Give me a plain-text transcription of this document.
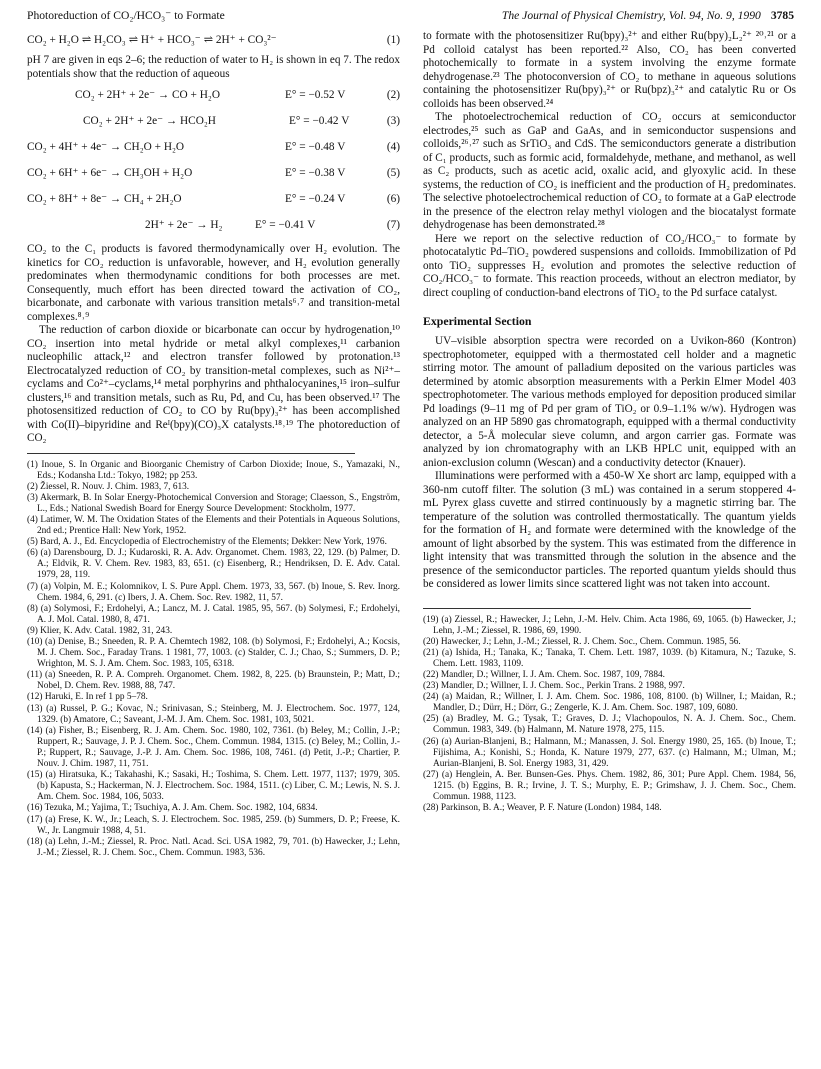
Photoreduction of CO₂/HCO₃⁻ to Formate	The Journal of Physical Chemistry, Vol. 94, No. 9, 1990 3785
CO₂ + H₂O ⇌ H₂CO₃ ⇌ H⁺ + HCO₃⁻ ⇌ 2H⁺ + CO₃²⁻	(1)

pH 7 are given in eqs 2–6; the reduction of water to H₂ is shown in eq 7. The redox potentials show that the reduction of aqueous

CO₂ + 2H⁺ + 2e⁻ → CO + H₂O	E° = −0.52 V	(2)
CO₂ + 2H⁺ + 2e⁻ → HCO₂H	E° = −0.42 V	(3)
CO₂ + 4H⁺ + 4e⁻ → CH₂O + H₂O	E° = −0.48 V	(4)
CO₂ + 6H⁺ + 6e⁻ → CH₃OH + H₂O	E° = −0.38 V	(5)
CO₂ + 8H⁺ + 8e⁻ → CH₄ + 2H₂O	E° = −0.24 V	(6)
2H⁺ + 2e⁻ → H₂	E° = −0.41 V	(7)

CO₂ to the C₁ products is favored thermodynamically over H₂ evolution. The kinetics for CO₂ reduction is unfavorable, however, and H₂ evolution generally predominates when thermodynamic conditions for both processes are met. Consequently, much effort has been directed toward the activation of CO₂, bicarbonate, and carbonate with various transition metals⁶˒⁷ and transition-metal complexes.⁸˒⁹

The reduction of carbon dioxide or bicarbonate can occur by hydrogenation,¹⁰ CO₂ insertion into metal hydride or metal alkyl complexes,¹¹ carbanion nucleophilic attack,¹² and electron transfer followed by protonation.¹³ Electrocatalyzed reduction of CO₂ by transition-metal complexes, such as Ni²⁺–cyclams and Co²⁺–cyclams,¹⁴ metal porphyrins and phthalocyanines,¹⁵ iron–sulfur clusters,¹⁶ and transition metals, such as Ru, Pd, and Cu, has been observed.¹⁷ The photosensitized reduction of CO₂ to CO by Ru(bpy)₃²⁺ has been accomplished with Co(II)–bipyridine and Reᴵ(bpy)(CO)₃X catalysts.¹⁸˒¹⁹ The photoreduction of CO₂

(1) Inoue, S. In Organic and Bioorganic Chemistry of Carbon Dioxide; Inoue, S., Yamazaki, N., Eds.; Kodansha Ltd.: Tokyo, 1982; pp 253.

(2) Žiessel, R. Nouv. J. Chim. 1983, 7, 613.

(3) Akermark, B. In Solar Energy-Photochemical Conversion and Storage; Claesson, S., Engström, L., Eds.; National Swedish Board for Energy Source Development: Stockholm, 1977.

(4) Latimer, W. M. The Oxidation States of the Elements and their Potentials in Aqueous Solutions, 2nd ed.; Prentice Hall: New York, 1952.

(5) Bard, A. J., Ed. Encyclopedia of Electrochemistry of the Elements; Dekker: New York, 1976.

(6) (a) Darensbourg, D. J.; Kudaroski, R. A. Adv. Organomet. Chem. 1983, 22, 129. (b) Palmer, D. A.; Eldvik, R. V. Chem. Rev. 1983, 83, 651. (c) Eisenberg, R.; Hendriksen, D. E. Adv. Catal. 1979, 28, 119.

(7) (a) Volpin, M. E.; Kolomnikov, I. S. Pure Appl. Chem. 1973, 33, 567. (b) Inoue, S. Rev. Inorg. Chem. 1984, 6, 291. (c) Ibers, J. A. Chem. Soc. Rev. 1982, 11, 57.

(8) (a) Solymosi, F.; Erdohelyi, A.; Lancz, M. J. Catal. 1985, 95, 567. (b) Solymesi, F.; Erdohelyi, A. J. Mol. Catal. 1980, 8, 471.

(9) Klier, K. Adv. Catal. 1982, 31, 243.

(10) (a) Denise, B.; Sneeden, R. P. A. Chemtech 1982, 108. (b) Solymosi, F.; Erdohelyi, A.; Kocsis, M. J. Chem. Soc., Faraday Trans. 1 1981, 77, 1003. (c) Stalder, C. J.; Chao, S.; Summers, D. P.; Wrighton, M. S. J. Am. Chem. Soc. 1983, 105, 6318.

(11) (a) Sneeden, R. P. A. Compreh. Organomet. Chem. 1982, 8, 225. (b) Braunstein, P.; Matt, D.; Nobel, D. Chem. Rev. 1988, 88, 747.

(12) Haruki, E. In ref 1 pp 5–78.

(13) (a) Russel, P. G.; Kovac, N.; Srinivasan, S.; Steinberg, M. J. Electrochem. Soc. 1977, 124, 1329. (b) Amatore, C.; Saveant, J.-M. J. Am. Chem. Soc. 1981, 103, 5021.

(14) (a) Fisher, B.; Eisenberg, R. J. Am. Chem. Soc. 1980, 102, 7361. (b) Beley, M.; Collin, J.-P.; Ruppert, R.; Sauvage, J. P. J. Chem. Soc., Chem. Commun. 1984, 1315. (c) Beley, M.; Collin, J.-P.; Ruppert, R.; Sauvage, J.-P. J. Am. Chem. Soc. 1986, 108, 7461. (d) Petit, J.-P.; Chartier, P. Nouv. J. Chim. 1987, 11, 751.

(15) (a) Hiratsuka, K.; Takahashi, K.; Sasaki, H.; Toshima, S. Chem. Lett. 1977, 1137; 1979, 305. (b) Kapusta, S.; Hackerman, N. J. Electrochem. Soc. 1984, 1511. (c) Liber, C. M.; Lewis, N. S. J. Am. Chem. Soc. 1984, 106, 5033.

(16) Tezuka, M.; Yajima, T.; Tsuchiya, A. J. Am. Chem. Soc. 1982, 104, 6834.

(17) (a) Frese, K. W., Jr.; Leach, S. J. Electrochem. Soc. 1985, 259. (b) Summers, D. P.; Freese, K. W., Jr. Langmuir 1988, 4, 51.

(18) (a) Lehn, J.-M.; Ziessel, R. Proc. Natl. Acad. Sci. USA 1982, 79, 701. (b) Hawecker, J.; Lehn, J.-M.; Ziessel, R. J. Chem. Soc., Chem. Commun. 1983, 536.

to formate with the photosensitizer Ru(bpy)₃²⁺ and either Ru(bpy)₂L₂²⁺ ²⁰˒²¹ or a Pd colloid catalyst has been reported.²² Also, CO₂ has been converted photochemically to formate in a system involving the enzyme formate dehydrogenase.²³ The photoconversion of CO₂ to methane in aqueous solutions containing the photosensitizer Ru(bpy)₃²⁺ or Ru(bpz)₃²⁺ and catalytic Ru or Os colloids has been observed.²⁴

The photoelectrochemical reduction of CO₂ occurs at semiconductor electrodes,²⁵ such as GaP and GaAs, and in semiconductor suspensions and colloids,²⁶˒²⁷ such as SrTiO₃ and CdS. The semiconductors generate a distribution of C₁ products, such as formic acid, formaldehyde, methane, and methanol, as well as C₂ products, such as acetic acid, oxalic acid, and glyoxylic acid. In these systems, the reduction of CO₂ is inefficient and the production of H₂ predominates. The selective photoelectrochemical reduction of CO₂ to formate at a GaP electrode in the presence of the electron relay methyl viologen and the biocatalyst formate dehydrogenase has been demonstrated.²⁸

Here we report on the selective reduction of CO₂/HCO₃⁻ to formate by photocatalytic Pd–TiO₂ powdered suspensions and colloids. Immobilization of Pd onto TiO₂ suppresses H₂ evolution and promotes the selective reduction of CO₂/HCO₃⁻ to formate. This reaction proceeds, without an electron mediator, by direct coupling of conduction-band electrons of TiO₂ to the Pd surface catalyst.

Experimental Section

UV–visible absorption spectra were recorded on a Uvikon-860 (Kontron) spectrophotometer, equipped with a thermostated cell holder and a magnetic stirring motor. The amount of palladium deposited on the various particles was determined by atomic absorption measurements with a Perkin Elmer Model 403 spectrophotometer. The various methods employed for deposition produced similar Pd loadings (9–11 mg of Pd per gram of TiO₂ or 0.9–1.1% w/w). Hydrogen was analyzed on an HP 5890 gas chromatograph, equipped with a thermal conductivity detector, a 5-Å molecular sieve column, and argon carrier gas. Formate was analyzed by ion chromatography with an LKB HPLC unit, equipped with an anion-exclusion column (Wescan) and a conductivity detector (Knauer).

Illuminations were performed with a 450-W Xe short arc lamp, equipped with a 360-nm cutoff filter. The solution (3 mL) was contained in a serum stoppered 4-mL Pyrex glass cuvette and stirred continuously by a magnetic stirring bar. The temperature of the solution was controlled thermostatically. The quantum yields for the formation of H₂ and formate were determined with the knowledge of the amount of light absorbed by the system. This was estimated from the difference in light intensity that was transmitted through the solution in the absence and the presence of the semiconductor particles. The reported quantum yields should thus be considered as lower limits since scattered light was not taken into account.

(19) (a) Ziessel, R.; Hawecker, J.; Lehn, J.-M. Helv. Chim. Acta 1986, 69, 1065. (b) Hawecker, J.; Lehn, J.-M.; Ziessel, R. 1986, 69, 1990.

(20) Hawecker, J.; Lehn, J.-M.; Ziessel, R. J. Chem. Soc., Chem. Commun. 1985, 56.

(21) (a) Ishida, H.; Tanaka, K.; Tanaka, T. Chem. Lett. 1987, 1039. (b) Kitamura, N.; Tazuke, S. Chem. Lett. 1983, 1109.

(22) Mandler, D.; Willner, I. J. Am. Chem. Soc. 1987, 109, 7884.

(23) Mandler, D.; Willner, I. J. Chem. Soc., Perkin Trans. 2 1988, 997.

(24) (a) Maidan, R.; Willner, I. J. Am. Chem. Soc. 1986, 108, 8100. (b) Willner, I.; Maidan, R.; Mandler, D.; Dürr, H.; Dörr, G.; Zengerle, K. J. Am. Chem. Soc. 1987, 109, 6080.

(25) (a) Bradley, M. G.; Tysak, T.; Graves, D. J.; Vlachopoulos, N. A. J. Chem. Soc., Chem. Commun. 1983, 349. (b) Halmann, M. Nature 1978, 275, 115.

(26) (a) Aurian-Blanjeni, B.; Halmann, M.; Manassen, J. Sol. Energy 1980, 25, 165. (b) Inoue, T.; Fijishima, A.; Konishi, S.; Honda, K. Nature 1979, 277, 637. (c) Halmann, M.; Ulman, M.; Aurian-Blanjeni, B. Sol. Energy 1983, 31, 429.

(27) (a) Henglein, A. Ber. Bunsen-Ges. Phys. Chem. 1982, 86, 301; Pure Appl. Chem. 1984, 56, 1215. (b) Eggins, B. R.; Irvine, J. T. S.; Murphy, E. P.; Grimshaw, J. J. Chem. Soc., Chem. Commun. 1988, 1123.

(28) Parkinson, B. A.; Weaver, P. F. Nature (London) 1984, 148.
